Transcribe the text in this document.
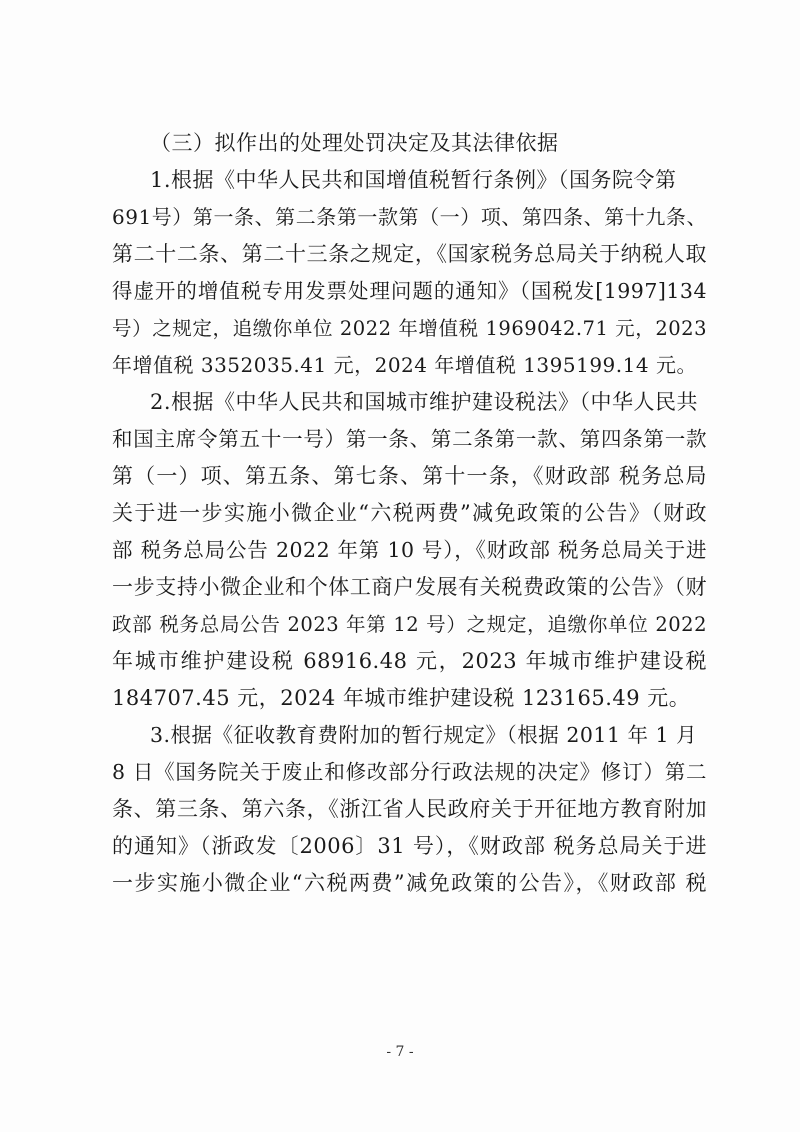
（三）拟作出的处理处罚决定及其法律依据
1.根据《中华人民共和国增值税暂行条例》（国务院令第
691号）第一条、第二条第一款第（一）项、第四条、第十九条、
第二十二条、第二十三条之规定，《国家税务总局关于纳税人取
得虚开的增值税专用发票处理问题的通知》（国税发[1997]134
号）之规定，追缴你单位 2022 年增值税 1969042.71 元，2023
年增值税 3352035.41 元，2024 年增值税 1395199.14 元。
2.根据《中华人民共和国城市维护建设税法》（中华人民共
和国主席令第五十一号）第一条、第二条第一款、第四条第一款
第（一）项、第五条、第七条、第十一条，《财政部 税务总局
关于进一步实施小微企业“六税两费”减免政策的公告》（财政
部 税务总局公告 2022 年第 10 号），《财政部 税务总局关于进
一步支持小微企业和个体工商户发展有关税费政策的公告》（财
政部 税务总局公告 2023 年第 12 号）之规定，追缴你单位 2022
年城市维护建设税 68916.48 元，2023 年城市维护建设税
184707.45 元，2024 年城市维护建设税 123165.49 元。
3.根据《征收教育费附加的暂行规定》（根据 2011 年 1 月
8 日《国务院关于废止和修改部分行政法规的决定》修订）第二
条、第三条、第六条，《浙江省人民政府关于开征地方教育附加
的通知》（浙政发〔2006〕31 号），《财政部 税务总局关于进
一步实施小微企业“六税两费”减免政策的公告》，《财政部 税
- 7 -
